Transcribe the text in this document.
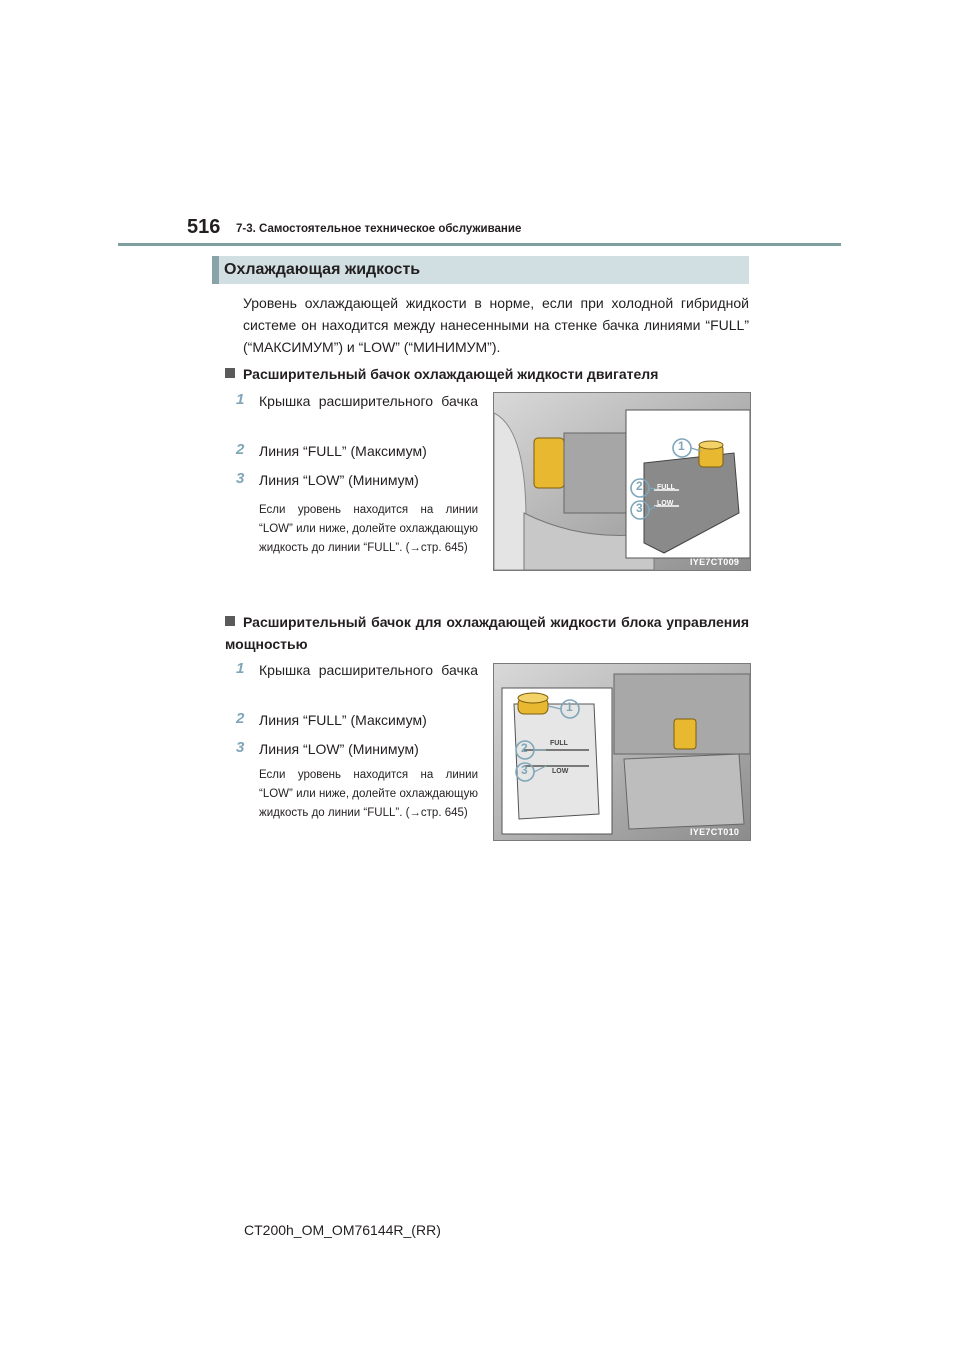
516 7-3. Самостоятельное техническое обслуживание
Охлаждающая жидкость
Уровень охлаждающей жидкости в норме, если при холодной гибридной системе он находится между нанесенными на стенке бачка линиями “FULL” (“МАКСИМУМ”) и “LOW” (“МИНИМУМ”).
Расширительный бачок охлаждающей жидкости двигателя
1 Крышка расширительного бачка
2 Линия “FULL” (Максимум)
3 Линия “LOW” (Минимум)
Если уровень находится на линии “LOW” или ниже, долейте охлаждающую жидкость до линии “FULL”. (→стр. 645)
1
2
3
FULL
LOW
IYE7CT009
Расширительный бачок для охлаждающей жидкости блока управления мощностью
1 Крышка расширительного бачка
2 Линия “FULL” (Максимум)
3 Линия “LOW” (Минимум)
Если уровень находится на линии “LOW” или ниже, долейте охлаждающую жидкость до линии “FULL”. (→стр. 645)
1
2
3
FULL
LOW
IYE7CT010
CT200h_OM_OM76144R_(RR)
